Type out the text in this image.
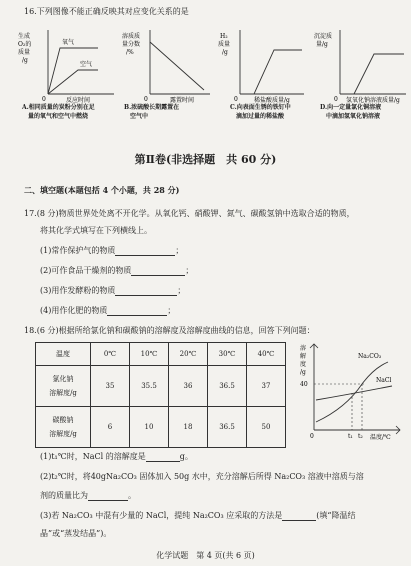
16.下列图像不能正确反映其对应变化关系的是
生成
O₂的
质量
/g
氧气
空气
0	反应时间
溶质质
量分数
/%
0	露置时间
H₂
质量
/g
0	稀盐酸质量/g
沉淀质
量/g
0 氢氧化钠溶液质量/g
A.相同质量的炭粉分别在足
量的氧气和空气中燃烧
B.浓硫酸长期露置在
空气中
C.向表面生锈的铁钉中
滴加过量的稀盐酸
D.向一定量氯化铜溶液
中滴加氢氧化钠溶液
第Ⅱ卷(非选择题　共 60 分)
二、填空题(本题包括 4 个小题，共 28 分)
17.(8 分)物质世界处处离不开化学。从氧化钙、硝酸钾、氮气、碳酸氢钠中选取合适的物质，
将其化学式填写在下列横线上。
(1)常作保护气的物质	；
(2)可作食品干燥剂的物质	；
(3)用作发酵粉的物质	；
(4)用作化肥的物质	；
18.(6 分)根据所给氯化钠和碳酸钠的溶解度及溶解度曲线的信息，回答下列问题：
温度	0℃	10℃	20℃	30℃	40℃
氯化钠
溶解度/g	35	35.5	36	36.5	37
碳酸钠
溶解度/g	6	10	18	36.5	50
溶
解
度
/g
40
Na₂CO₃
NaCl
0	t₁ t₂ 温度/℃
(1)t₁℃时，NaCl 的溶解度是	g。
(2)t₂℃时，将40gNa₂CO₃ 固体加入 50g 水中，充分溶解后所得 Na₂CO₃ 溶液中溶质与溶
剂的质量比为	。
(3)若 Na₂CO₃ 中混有少量的 NaCl，提纯 Na₂CO₃ 应采取的方法是	(填“降温结
晶”或“蒸发结晶”)。
化学试题　第 4 页(共 6 页)
